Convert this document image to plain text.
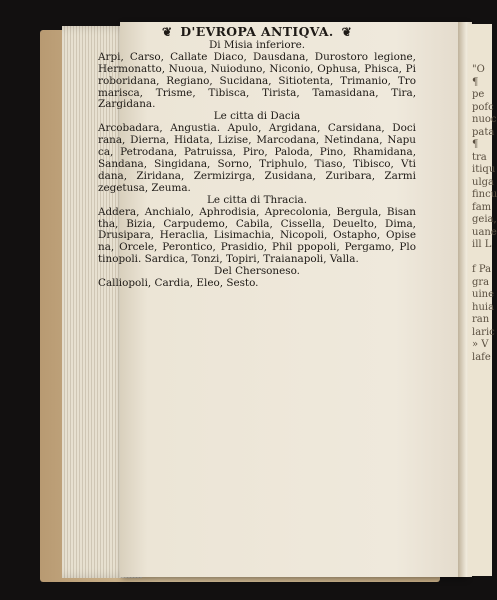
"O
¶ pe
pofc
nuoc
pata
¶ tra
itiqu
ulga
fincu
fam
geia,
uane
ill L

f Pa
gra
uine
huia
ran
laric
» V
lafe
❦ D'EVROPA ANTIQVA. ❦
Di Misia inferiore.
Arpi, Carso, Callate Diaco, Dausdana, Durostoro legione, Hermonatto, Nuoua, Nuioduno, Niconio, Ophusa, Phisca, Pi roboridana, Regiano, Sucidana, Sitiotenta, Trimanio, Tro marisca, Trisme, Tibisca, Tirista, Tamasidana, Tira, Zargidana.
Le citta di Dacia
Arcobadara, Angustia. Apulo, Argidana, Carsidana, Doci rana, Dierna, Hidata, Lizise, Marcodana, Netindana, Napu ca, Petrodana, Patruissa, Piro, Paloda, Pino, Rhamidana, Sandana, Singidana, Sorno, Triphulo, Tiaso, Tibisco, Vti dana, Ziridana, Zermizirga, Zusidana, Zuribara, Zarmi zegetusa, Zeuma.
Le citta di Thracia.
Addera, Anchialo, Aphrodisia, Aprecolonia, Bergula, Bisan tha, Bizia, Carpudemo, Cabila, Cissella, Deuelto, Dima, Drusipara, Heraclia, Lisimachia, Nicopoli, Ostapho, Opise na, Orcele, Perontico, Prasidio, Phil ppopoli, Pergamo, Plo tinopoli. Sardica, Tonzi, Topiri, Traianapoli, Valla.
Del Chersoneso.
Calliopoli, Cardia, Eleo, Sesto.
